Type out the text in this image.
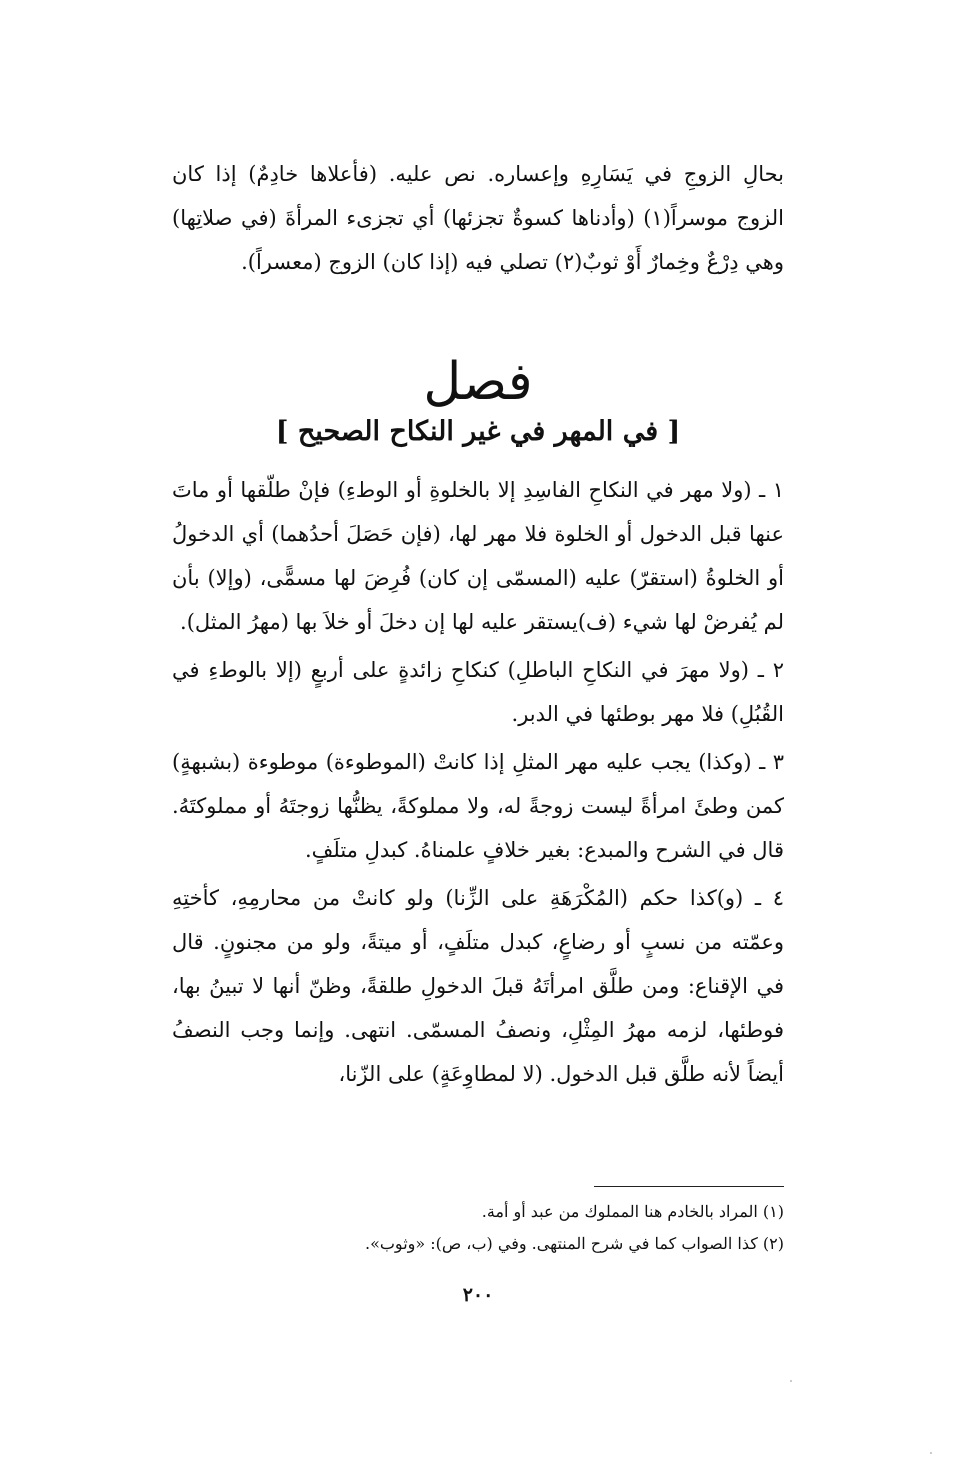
بحالِ الزوجِ في يَسَارِهِ وإعساره. نص عليه. (فأعلاها خادِمٌ) إذا كان الزوج موسراً(١) (وأدناها كسوةٌ تجزئها) أي تجزىء المرأةَ (في صلاتِها) وهي دِرْعٌ وخِمارٌ أَوْ ثوبٌ(٢) تصلي فيه (إذا كان) الزوج (معسراً).
فصل
[ في المهر في غير النكاح الصحيح ]

١ ـ (ولا مهر في النكاحِ الفاسِدِ إلا بالخلوةِ أو الوطءِ) فإنْ طلّقها أو ماتَ عنها قبل الدخول أو الخلوة فلا مهر لها، (فإن حَصَلَ أحدُهما) أي الدخولُ أو الخلوةُ (استقرّ) عليه (المسمّى إن كان) فُرِضَ لها مسمًّى، (وإلا) بأن لم يُفرضْ لها شيء (ف)يستقر عليه لها إن دخلَ أو خلاَ بها (مهرُ المثل).

٢ ـ (ولا مهرَ في النكاحِ الباطلِ) كنكاحِ زائدةٍ على أربعٍ (إلا بالوطءِ في القُبُلِ) فلا مهر بوطئها في الدبر.

٣ ـ (وكذا) يجب عليه مهر المثلِ إذا كانتْ (الموطوءة) موطوءة (بشبهةٍ) كمن وطئَ امرأةً ليست زوجةً له، ولا مملوكةً، يظنُّها زوجتَهُ أو مملوكتَهُ. قال في الشرح والمبدع: بغير خلافٍ علمناهُ. كبدلِ متلَفٍ.

٤ ـ (و)كذا حكم (المُكْرَهَةِ على الزِّنا) ولو كانتْ من محارمِهِ، كأختِهِ وعمّته من نسبٍ أو رضاعٍ، كبدل متلَفٍ، أو ميتةً، ولو من مجنونٍ. قال في الإقناع: ومن طلَّق امرأتَهُ قبلَ الدخولِ طلقةً، وظنّ أنها لا تبينُ بها، فوطئها، لزمه مهرُ المِثْلِ، ونصفُ المسمّى. انتهى. وإنما وجب النصفُ أيضاً لأنه طلَّق قبل الدخول. (لا لمطاوِعَةٍ) على الزّنا،

(١) المراد بالخادم هنا المملوك من عبد أو أمة.
(٢) كذا الصواب كما في شرح المنتهى. وفي (ب، ص): «وثوب».
٢٠٠
